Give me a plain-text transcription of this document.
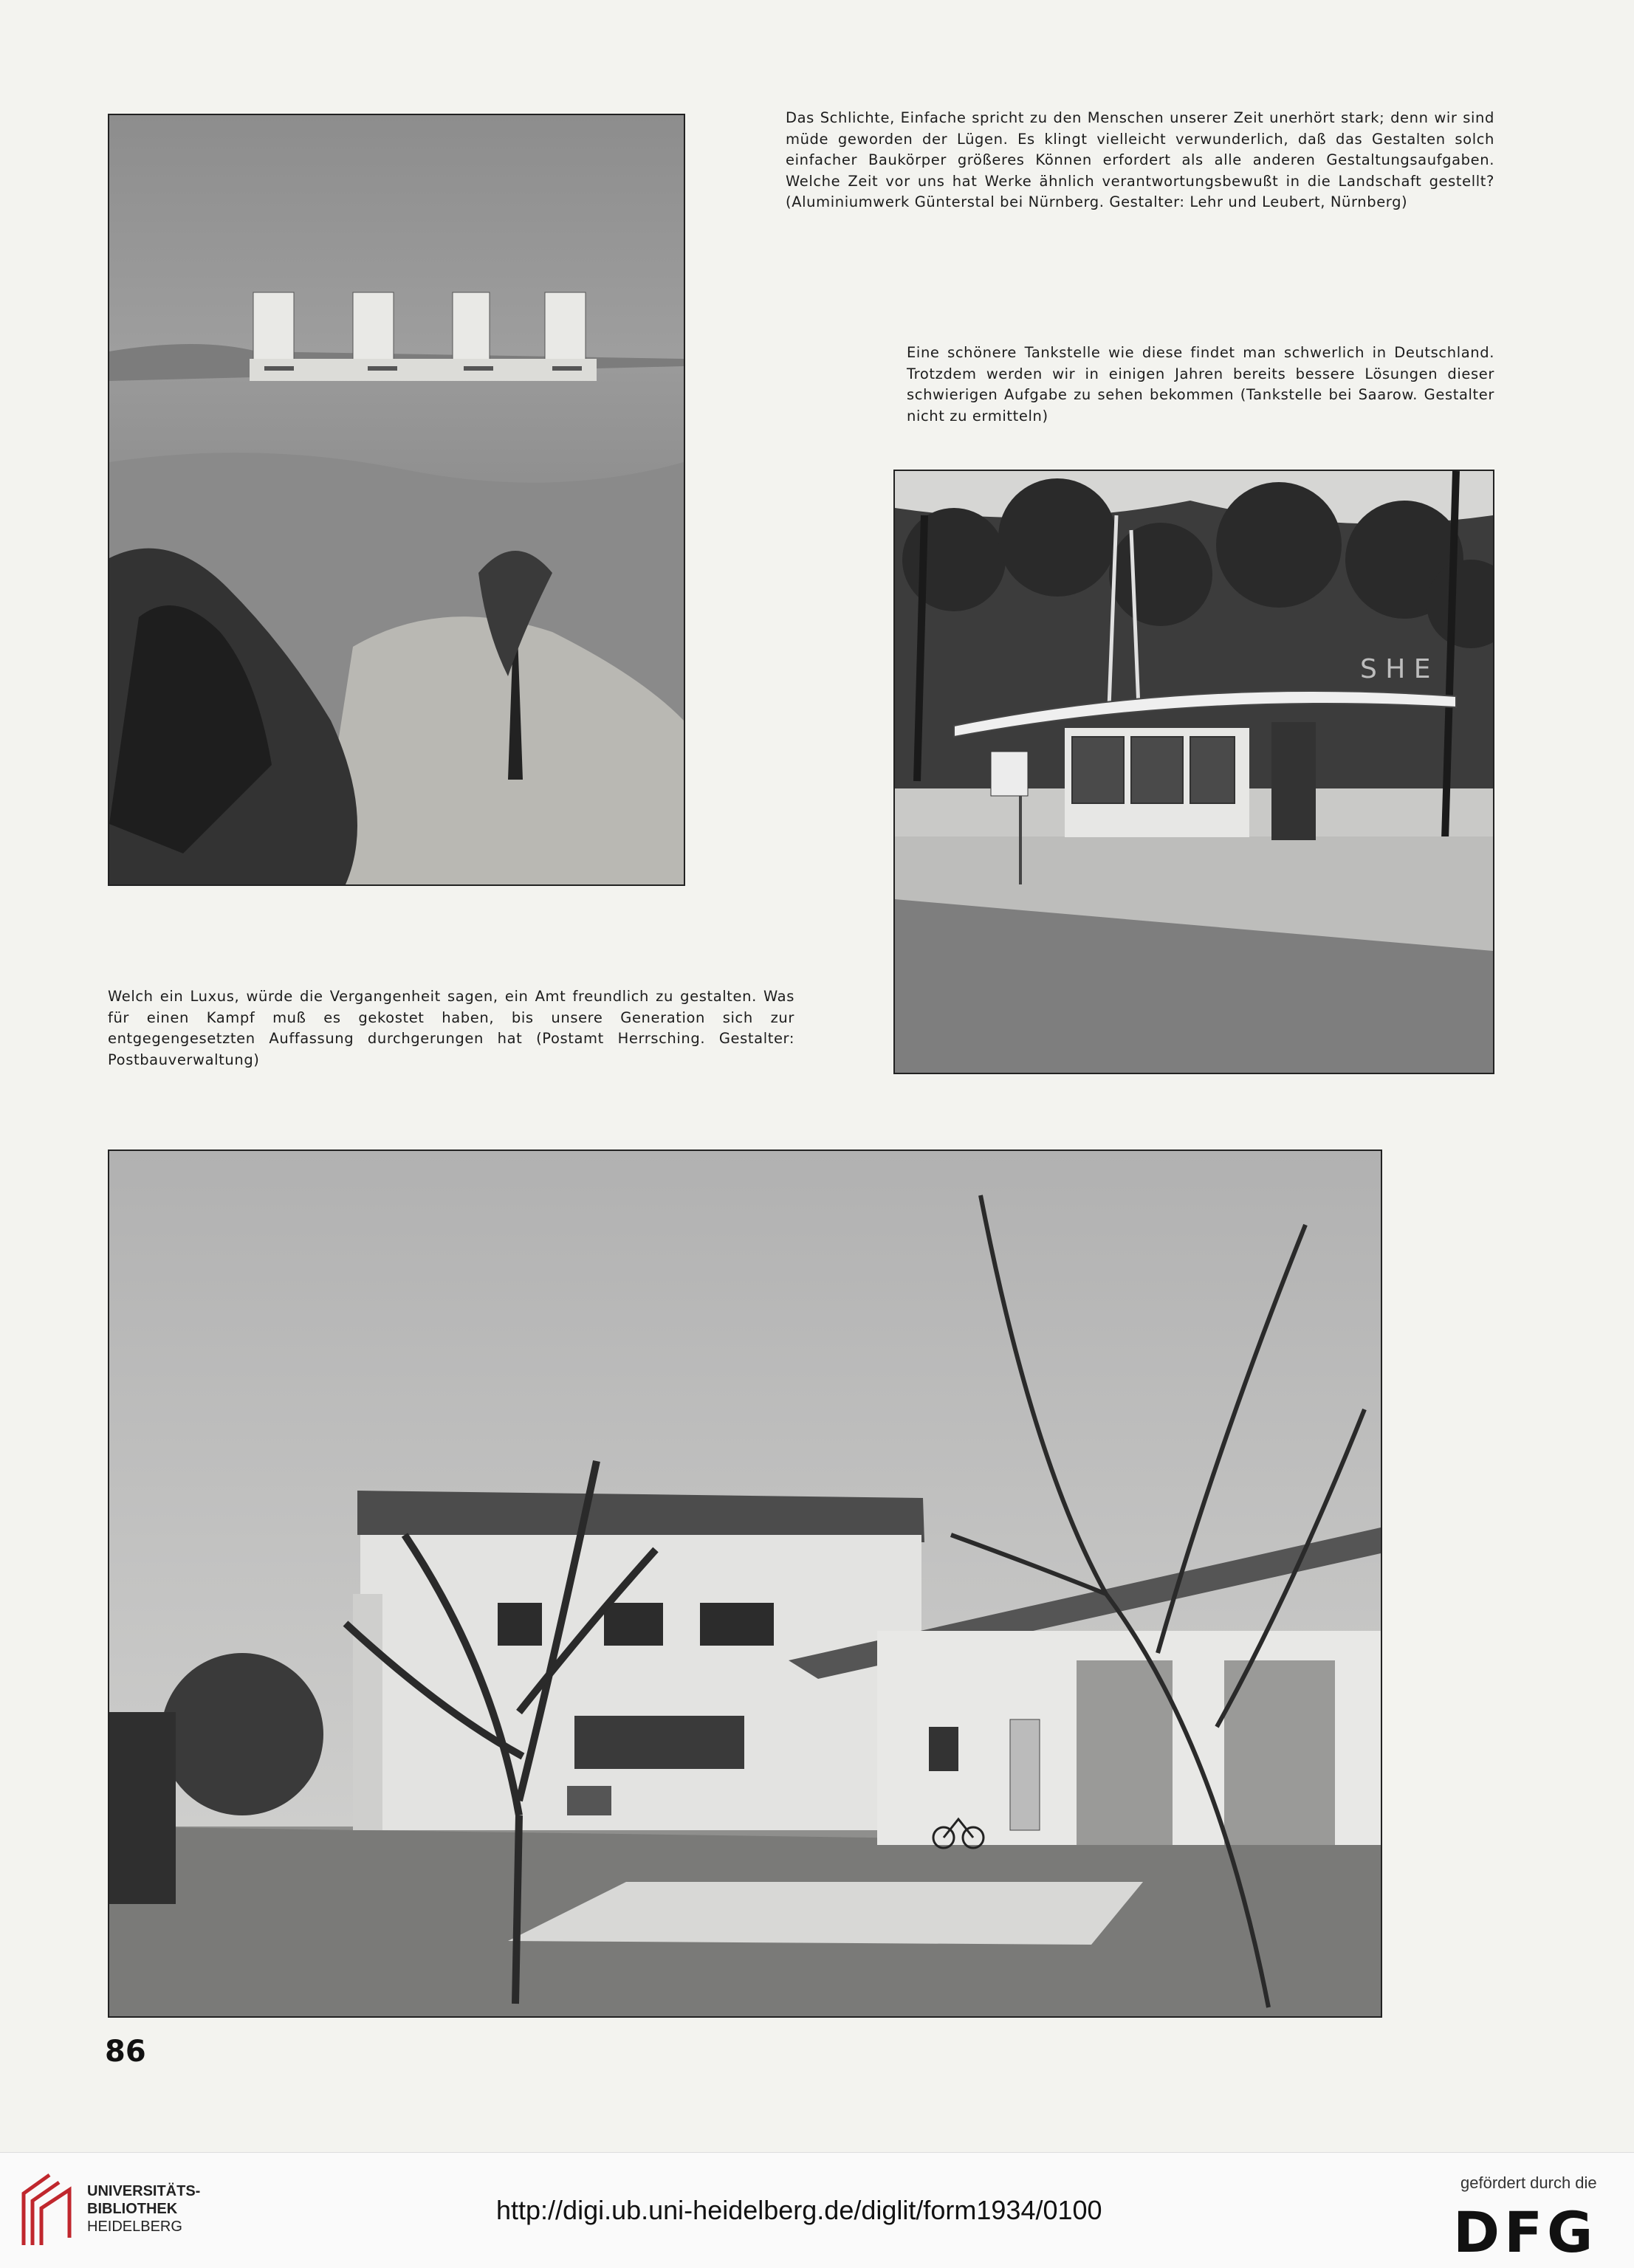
Das Schlichte, Einfache spricht zu den Menschen unserer Zeit unerhört stark; denn wir sind müde geworden der Lügen. Es klingt vielleicht verwunderlich, daß das Gestalten solch einfacher Baukörper größeres Können erfordert als alle anderen Gestaltungsaufgaben. Welche Zeit vor uns hat Werke ähnlich verantwortungsbewußt in die Landschaft gestellt? (Aluminiumwerk Günterstal bei Nürnberg. Gestalter: Lehr und Leubert, Nürnberg)
Eine schönere Tankstelle wie diese findet man schwerlich in Deutschland. Trotzdem werden wir in einigen Jahren bereits bessere Lösungen dieser schwierigen Aufgabe zu sehen bekommen (Tankstelle bei Saarow. Gestalter nicht zu ermitteln)
S H E
Welch ein Luxus, würde die Vergangenheit sagen, ein Amt freundlich zu gestalten. Was für einen Kampf muß es gekostet haben, bis unsere Generation sich zur entgegengesetzten Auffassung durchgerungen hat (Postamt Herrsching. Gestalter: Postbauverwaltung)
86
UNIVERSITÄTS-
BIBLIOTHEK
HEIDELBERG
http://digi.ub.uni-heidelberg.de/diglit/form1934/0100
gefördert durch die
DFG
